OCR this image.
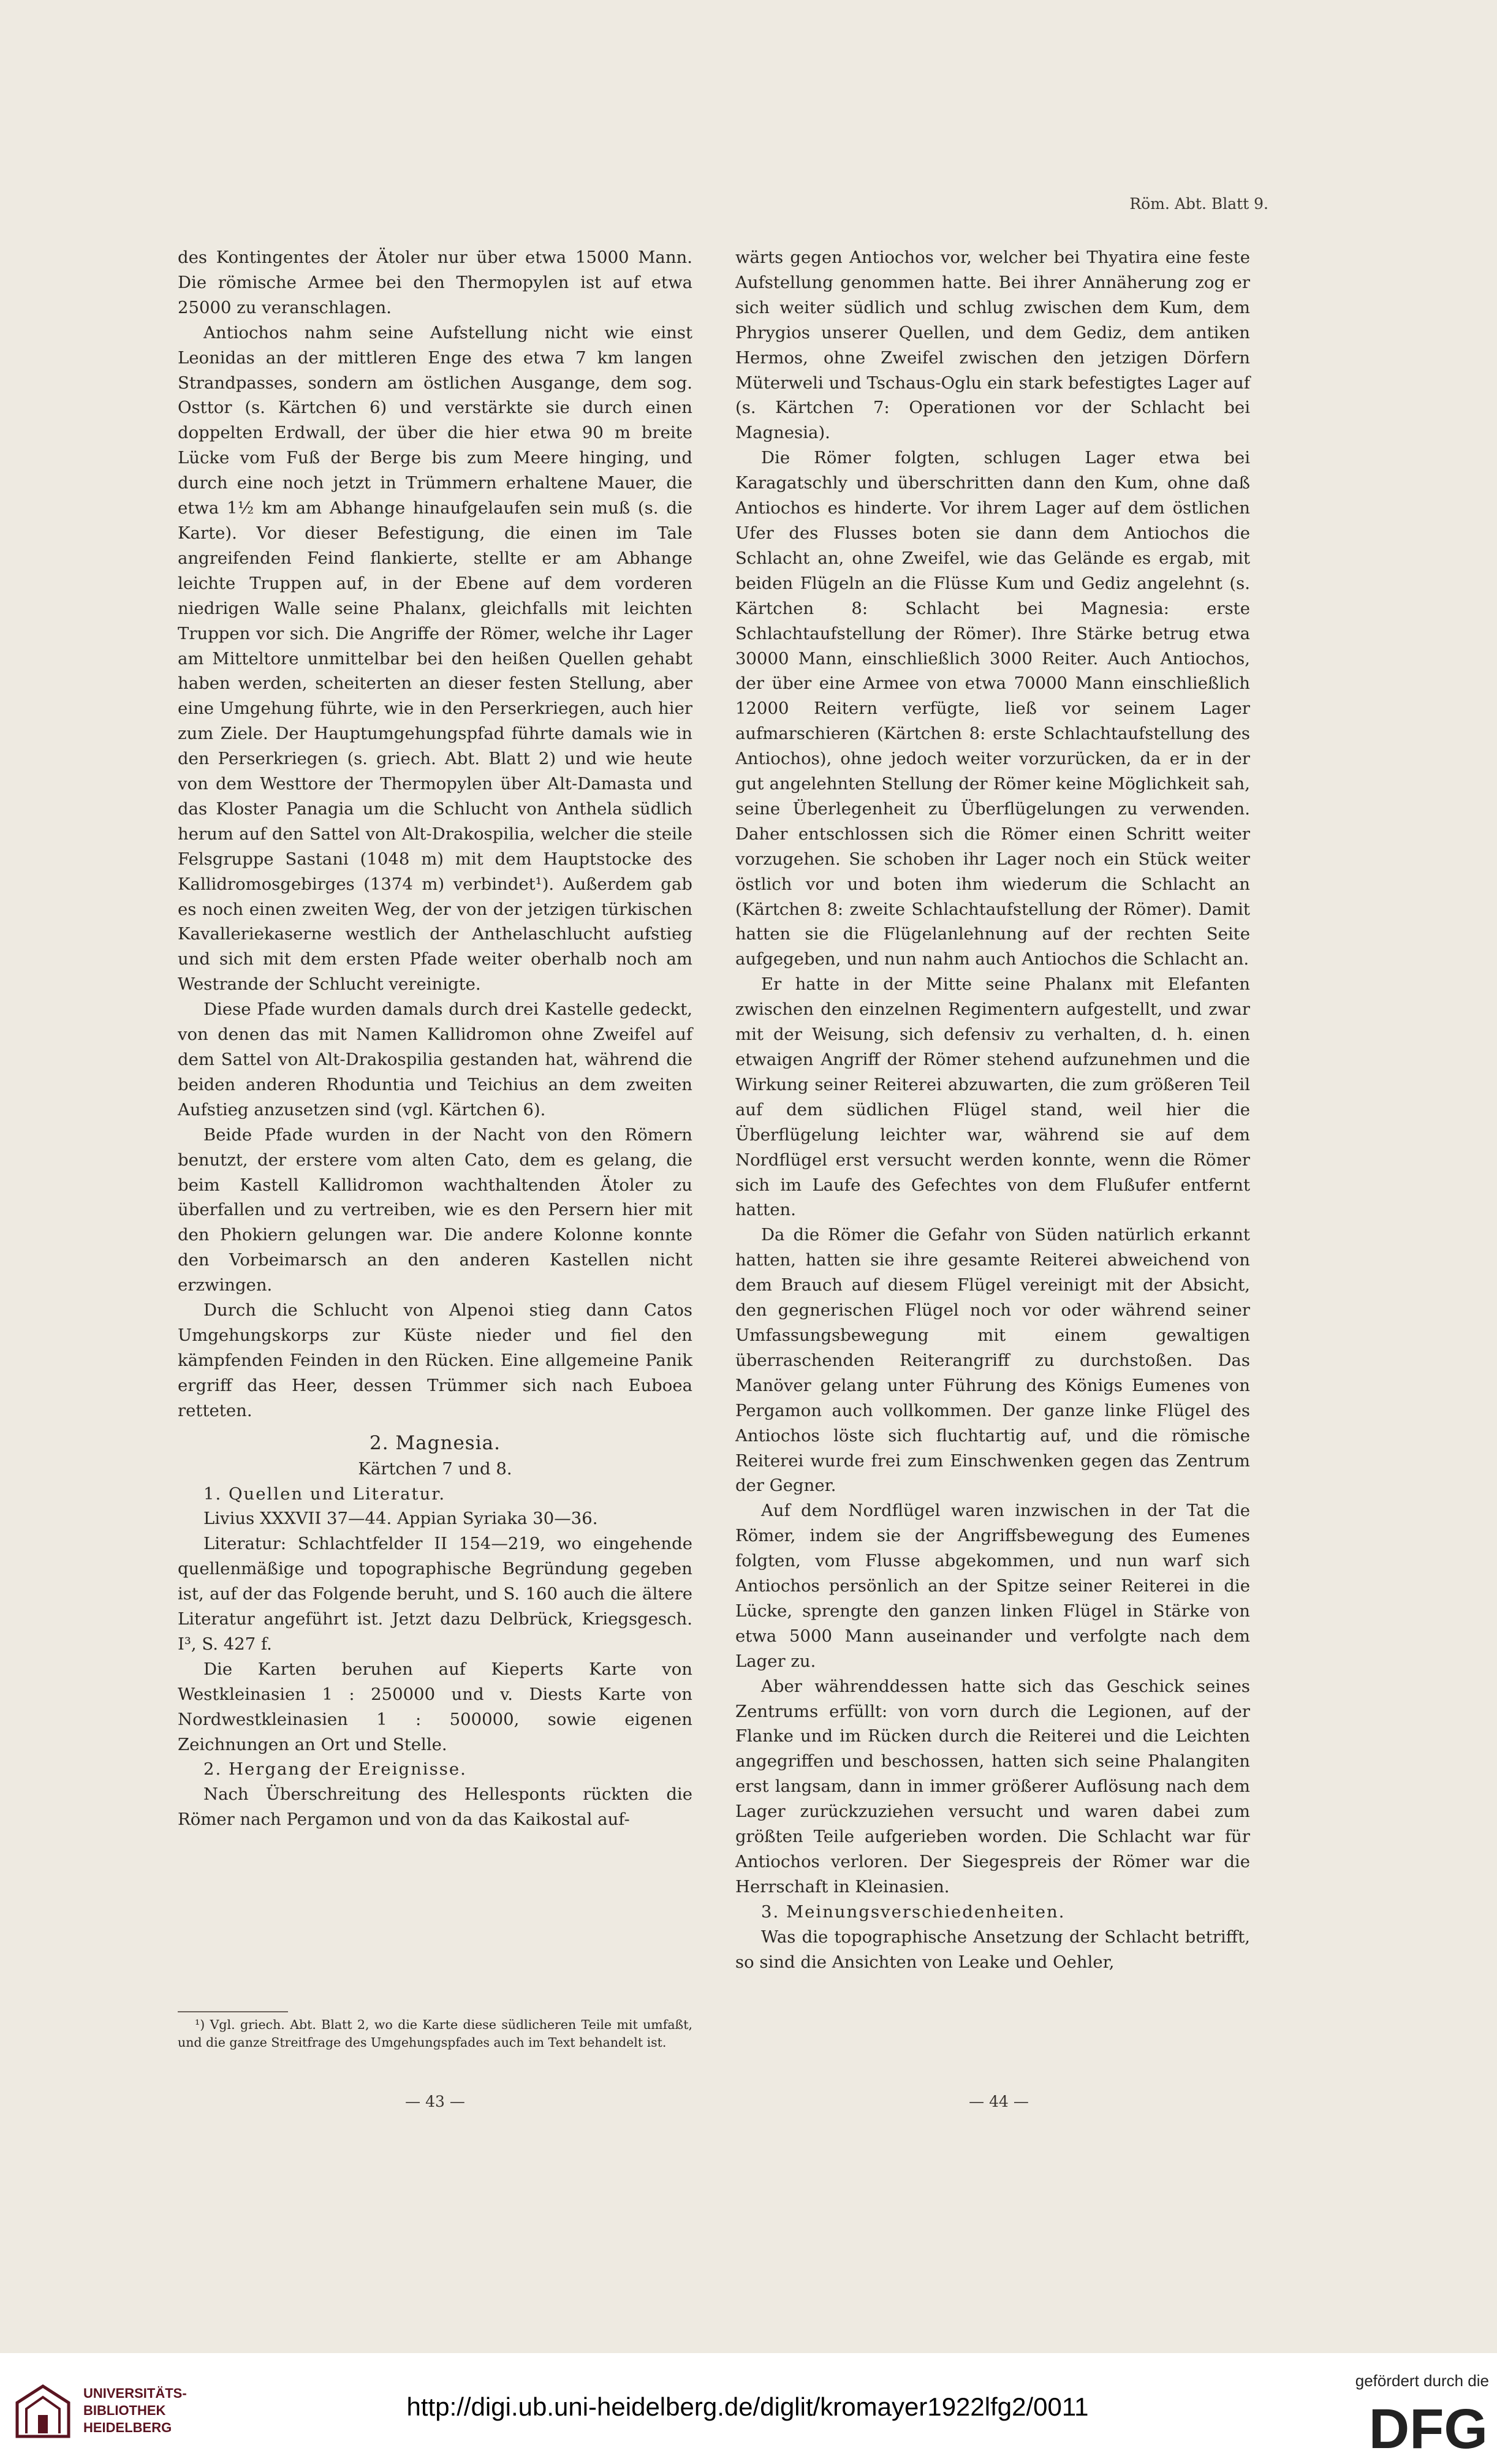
Röm. Abt. Blatt 9.

des Kontingentes der Ätoler nur über etwa 15000 Mann. Die römische Armee bei den Thermopylen ist auf etwa 25000 zu veranschlagen.

Antiochos nahm seine Aufstellung nicht wie einst Leonidas an der mittleren Enge des etwa 7 km langen Strandpasses, sondern am östlichen Ausgange, dem sog. Osttor (s. Kärtchen 6) und verstärkte sie durch einen doppelten Erdwall, der über die hier etwa 90 m breite Lücke vom Fuß der Berge bis zum Meere hinging, und durch eine noch jetzt in Trümmern erhaltene Mauer, die etwa 1½ km am Abhange hinaufgelaufen sein muß (s. die Karte). Vor dieser Befestigung, die einen im Tale angreifenden Feind flankierte, stellte er am Abhange leichte Truppen auf, in der Ebene auf dem vorderen niedrigen Walle seine Phalanx, gleichfalls mit leichten Truppen vor sich. Die Angriffe der Römer, welche ihr Lager am Mitteltore unmittelbar bei den heißen Quellen gehabt haben werden, scheiterten an dieser festen Stellung, aber eine Umgehung führte, wie in den Perserkriegen, auch hier zum Ziele. Der Hauptumgehungspfad führte damals wie in den Perserkriegen (s. griech. Abt. Blatt 2) und wie heute von dem Westtore der Thermopylen über Alt-Damasta und das Kloster Panagia um die Schlucht von Anthela südlich herum auf den Sattel von Alt-Drakospilia, welcher die steile Felsgruppe Sastani (1048 m) mit dem Hauptstocke des Kallidromosgebirges (1374 m) verbindet¹). Außerdem gab es noch einen zweiten Weg, der von der jetzigen türkischen Kavalleriekaserne westlich der Anthelaschlucht aufstieg und sich mit dem ersten Pfade weiter oberhalb noch am Westrande der Schlucht vereinigte.

Diese Pfade wurden damals durch drei Kastelle gedeckt, von denen das mit Namen Kallidromon ohne Zweifel auf dem Sattel von Alt-Drakospilia gestanden hat, während die beiden anderen Rhoduntia und Teichius an dem zweiten Aufstieg anzusetzen sind (vgl. Kärtchen 6).

Beide Pfade wurden in der Nacht von den Römern benutzt, der erstere vom alten Cato, dem es gelang, die beim Kastell Kallidromon wachthaltenden Ätoler zu überfallen und zu vertreiben, wie es den Persern hier mit den Phokiern gelungen war. Die andere Kolonne konnte den Vorbeimarsch an den anderen Kastellen nicht erzwingen.

Durch die Schlucht von Alpenoi stieg dann Catos Umgehungskorps zur Küste nieder und fiel den kämpfenden Feinden in den Rücken. Eine allgemeine Panik ergriff das Heer, dessen Trümmer sich nach Euboea retteten.

2. Magnesia.

Kärtchen 7 und 8.

1. Quellen und Literatur.

Livius XXXVII 37—44. Appian Syriaka 30—36.

Literatur: Schlachtfelder II 154—219, wo eingehende quellenmäßige und topographische Begründung gegeben ist, auf der das Folgende beruht, und S. 160 auch die ältere Literatur angeführt ist. Jetzt dazu Delbrück, Kriegsgesch. I³, S. 427 f.

Die Karten beruhen auf Kieperts Karte von Westkleinasien 1 : 250000 und v. Diests Karte von Nordwestkleinasien 1 : 500000, sowie eigenen Zeichnungen an Ort und Stelle.

2. Hergang der Ereignisse.

Nach Überschreitung des Hellesponts rückten die Römer nach Pergamon und von da das Kaikostal auf-

¹) Vgl. griech. Abt. Blatt 2, wo die Karte diese südlicheren Teile mit umfaßt, und die ganze Streitfrage des Umgehungspfades auch im Text behandelt ist.
— 43 —

wärts gegen Antiochos vor, welcher bei Thyatira eine feste Aufstellung genommen hatte. Bei ihrer Annäherung zog er sich weiter südlich und schlug zwischen dem Kum, dem Phrygios unserer Quellen, und dem Gediz, dem antiken Hermos, ohne Zweifel zwischen den jetzigen Dörfern Müterweli und Tschaus-Oglu ein stark befestigtes Lager auf (s. Kärtchen 7: Operationen vor der Schlacht bei Magnesia).

Die Römer folgten, schlugen Lager etwa bei Karagatschly und überschritten dann den Kum, ohne daß Antiochos es hinderte. Vor ihrem Lager auf dem östlichen Ufer des Flusses boten sie dann dem Antiochos die Schlacht an, ohne Zweifel, wie das Gelände es ergab, mit beiden Flügeln an die Flüsse Kum und Gediz angelehnt (s. Kärtchen 8: Schlacht bei Magnesia: erste Schlachtaufstellung der Römer). Ihre Stärke betrug etwa 30000 Mann, einschließlich 3000 Reiter. Auch Antiochos, der über eine Armee von etwa 70000 Mann einschließlich 12000 Reitern verfügte, ließ vor seinem Lager aufmarschieren (Kärtchen 8: erste Schlachtaufstellung des Antiochos), ohne jedoch weiter vorzurücken, da er in der gut angelehnten Stellung der Römer keine Möglichkeit sah, seine Überlegenheit zu Überflügelungen zu verwenden. Daher entschlossen sich die Römer einen Schritt weiter vorzugehen. Sie schoben ihr Lager noch ein Stück weiter östlich vor und boten ihm wiederum die Schlacht an (Kärtchen 8: zweite Schlachtaufstellung der Römer). Damit hatten sie die Flügelanlehnung auf der rechten Seite aufgegeben, und nun nahm auch Antiochos die Schlacht an.

Er hatte in der Mitte seine Phalanx mit Elefanten zwischen den einzelnen Regimentern aufgestellt, und zwar mit der Weisung, sich defensiv zu verhalten, d. h. einen etwaigen Angriff der Römer stehend aufzunehmen und die Wirkung seiner Reiterei abzuwarten, die zum größeren Teil auf dem südlichen Flügel stand, weil hier die Überflügelung leichter war, während sie auf dem Nordflügel erst versucht werden konnte, wenn die Römer sich im Laufe des Gefechtes von dem Flußufer entfernt hatten.

Da die Römer die Gefahr von Süden natürlich erkannt hatten, hatten sie ihre gesamte Reiterei abweichend von dem Brauch auf diesem Flügel vereinigt mit der Absicht, den gegnerischen Flügel noch vor oder während seiner Umfassungsbewegung mit einem gewaltigen überraschenden Reiterangriff zu durchstoßen. Das Manöver gelang unter Führung des Königs Eumenes von Pergamon auch vollkommen. Der ganze linke Flügel des Antiochos löste sich fluchtartig auf, und die römische Reiterei wurde frei zum Einschwenken gegen das Zentrum der Gegner.

Auf dem Nordflügel waren inzwischen in der Tat die Römer, indem sie der Angriffsbewegung des Eumenes folgten, vom Flusse abgekommen, und nun warf sich Antiochos persönlich an der Spitze seiner Reiterei in die Lücke, sprengte den ganzen linken Flügel in Stärke von etwa 5000 Mann auseinander und verfolgte nach dem Lager zu.

Aber währenddessen hatte sich das Geschick seines Zentrums erfüllt: von vorn durch die Legionen, auf der Flanke und im Rücken durch die Reiterei und die Leichten angegriffen und beschossen, hatten sich seine Phalangiten erst langsam, dann in immer größerer Auflösung nach dem Lager zurückzuziehen versucht und waren dabei zum größten Teile aufgerieben worden. Die Schlacht war für Antiochos verloren. Der Siegespreis der Römer war die Herrschaft in Kleinasien.

3. Meinungsverschiedenheiten.

Was die topographische Ansetzung der Schlacht betrifft, so sind die Ansichten von Leake und Oehler,

— 44 —
UNIVERSITÄTS-
BIBLIOTHEK
HEIDELBERG
http://digi.ub.uni-heidelberg.de/diglit/kromayer1922lfg2/0011
gefördert durch die
DFG
